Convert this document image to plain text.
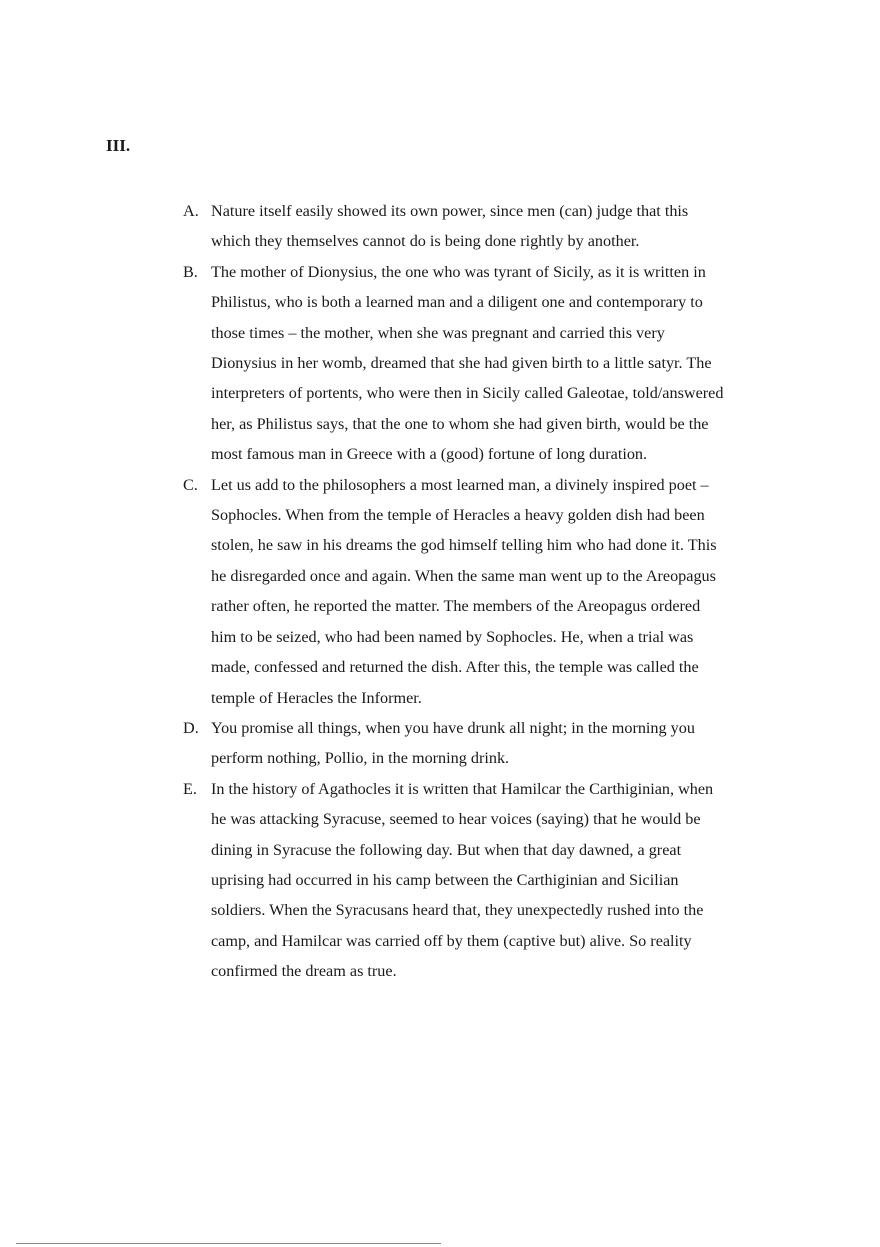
III.
A. Nature itself easily showed its own power, since men (can) judge that this
which they themselves cannot do is being done rightly by another.
B. The mother of Dionysius, the one who was tyrant of Sicily, as it is written in
Philistus, who is both a learned man and a diligent one and contemporary to
those times – the mother, when she was pregnant and carried this very
Dionysius in her womb, dreamed that she had given birth to a little satyr. The
interpreters of portents, who were then in Sicily called Galeotae, told/answered
her, as Philistus says, that the one to whom she had given birth, would be the
most famous man in Greece with a (good) fortune of long duration.
C. Let us add to the philosophers a most learned man, a divinely inspired poet –
Sophocles. When from the temple of Heracles a heavy golden dish had been
stolen, he saw in his dreams the god himself telling him who had done it. This
he disregarded once and again. When the same man went up to the Areopagus
rather often, he reported the matter. The members of the Areopagus ordered
him to be seized, who had been named by Sophocles. He, when a trial was
made, confessed and returned the dish. After this, the temple was called the
temple of Heracles the Informer.
D. You promise all things, when you have drunk all night; in the morning you
perform nothing, Pollio, in the morning drink.
E. In the history of Agathocles it is written that Hamilcar the Carthiginian, when
he was attacking Syracuse, seemed to hear voices (saying) that he would be
dining in Syracuse the following day. But when that day dawned, a great
uprising had occurred in his camp between the Carthiginian and Sicilian
soldiers. When the Syracusans heard that, they unexpectedly rushed into the
camp, and Hamilcar was carried off by them (captive but) alive. So reality
confirmed the dream as true.
